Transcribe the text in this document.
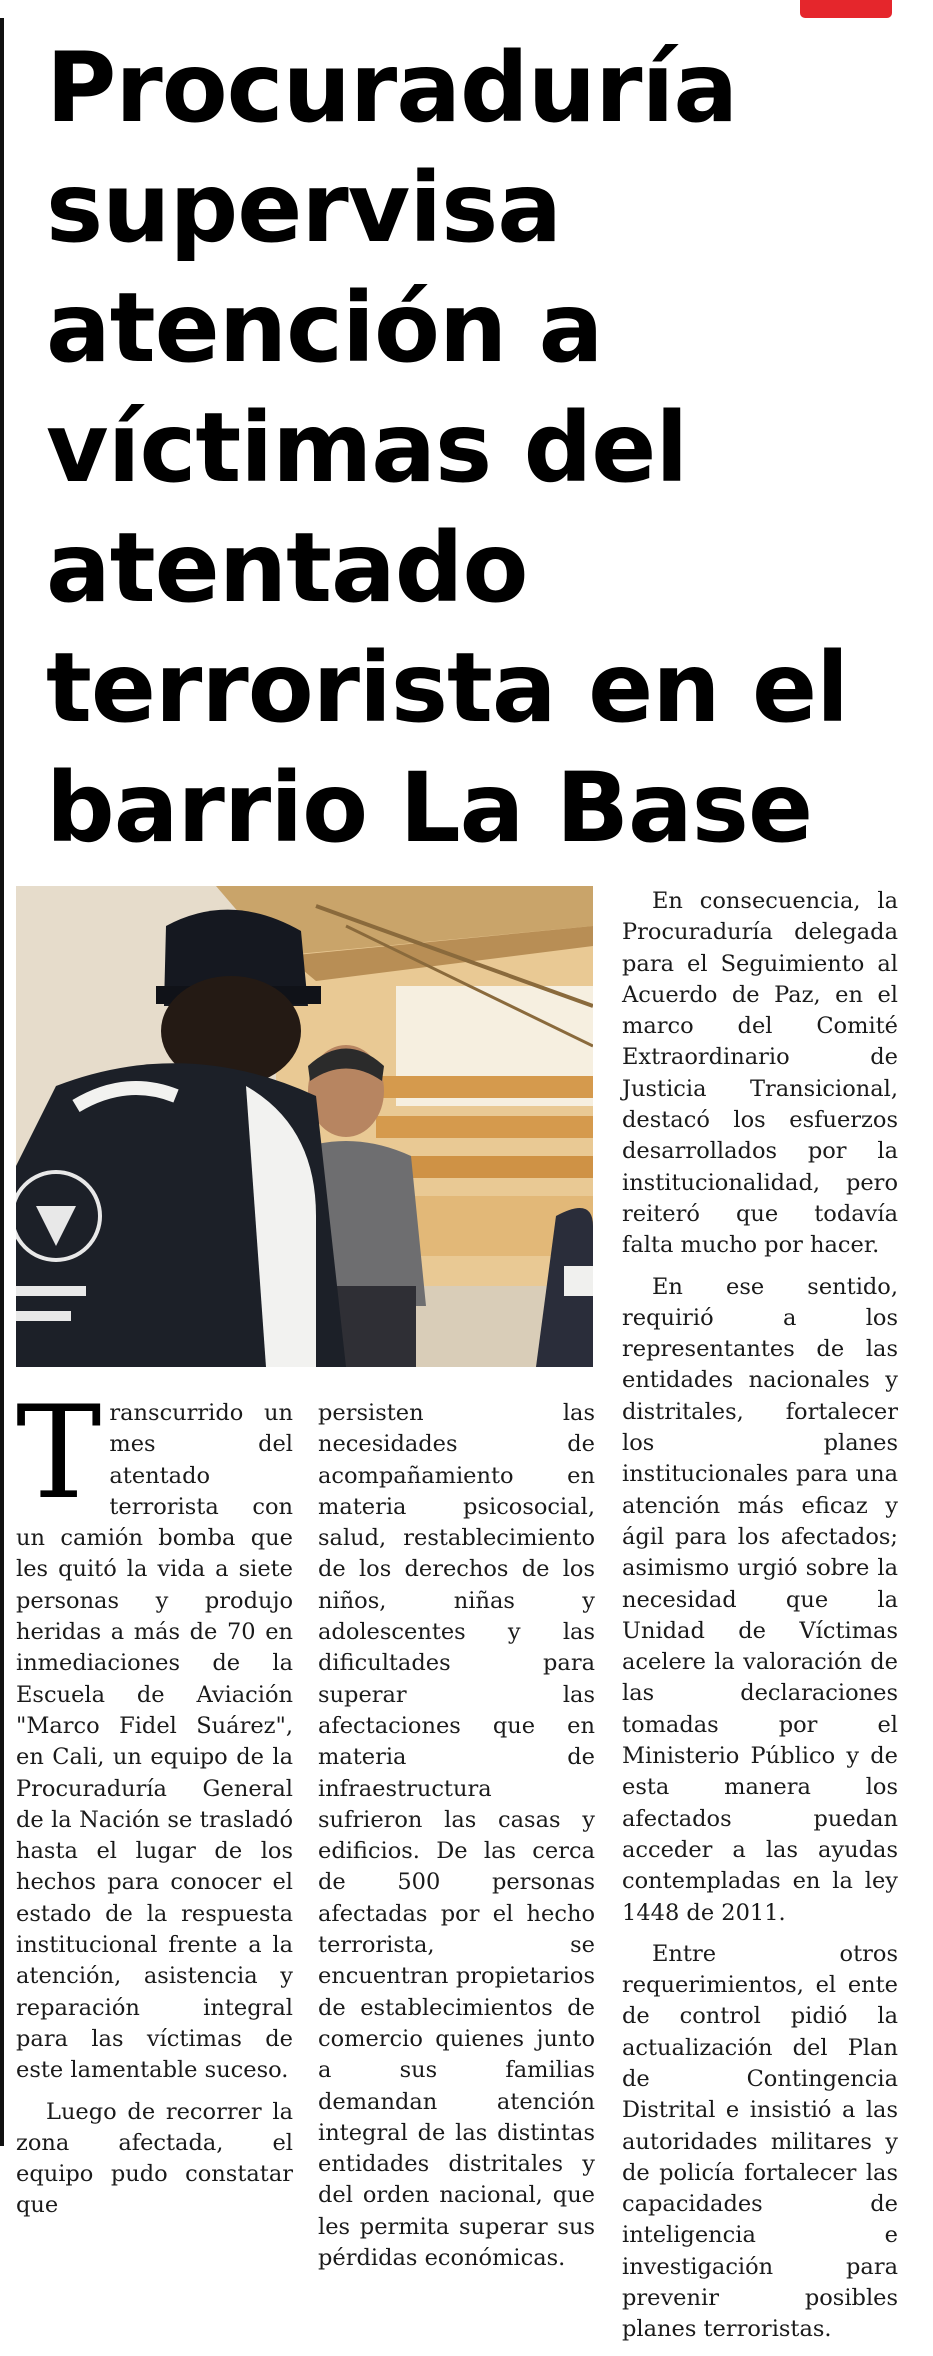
Procuraduría supervisa atención a víctimas del atentado terrorista en el barrio La Base

Transcurrido un mes del atentado terrorista con un camión bomba que les quitó la vida a siete personas y produjo heridas a más de 70 en inmediaciones de la Escuela de Aviación "Marco Fidel Suárez", en Cali, un equipo de la Procuraduría General de la Nación se trasladó hasta el lugar de los hechos para conocer el estado de la respuesta institucional frente a la atención, asistencia y reparación integral para las víctimas de este lamentable suceso.

Luego de recorrer la zona afectada, el equipo pudo constatar que

persisten las necesidades de acompañamiento en materia psicosocial, salud, restablecimiento de los derechos de los niños, niñas y adolescentes y las dificultades para superar las afectaciones que en materia de infraestructura sufrieron las casas y edificios. De las cerca de 500 personas afectadas por el hecho terrorista, se encuentran propietarios de establecimientos de comercio quienes junto a sus familias demandan atención integral de las distintas entidades distritales y del orden nacional, que les permita superar sus pérdidas económicas.

En consecuencia, la Procuraduría delegada para el Seguimiento al Acuerdo de Paz, en el marco del Comité Extraordinario de Justicia Transicional, destacó los esfuerzos desarrollados por la institucionalidad, pero reiteró que todavía falta mucho por hacer.

En ese sentido, requirió a los representantes de las entidades nacionales y distritales, fortalecer los planes institucionales para una atención más eficaz y ágil para los afectados; asimismo urgió sobre la necesidad que la Unidad de Víctimas acelere la valoración de las declaraciones tomadas por el Ministerio Público y de esta manera los afectados puedan acceder a las ayudas contempladas en la ley 1448 de 2011.

Entre otros requerimientos, el ente de control pidió la actualización del Plan de Contingencia Distrital e insistió a las autoridades militares y de policía fortalecer las capacidades de inteligencia e investigación para prevenir posibles planes terroristas.
